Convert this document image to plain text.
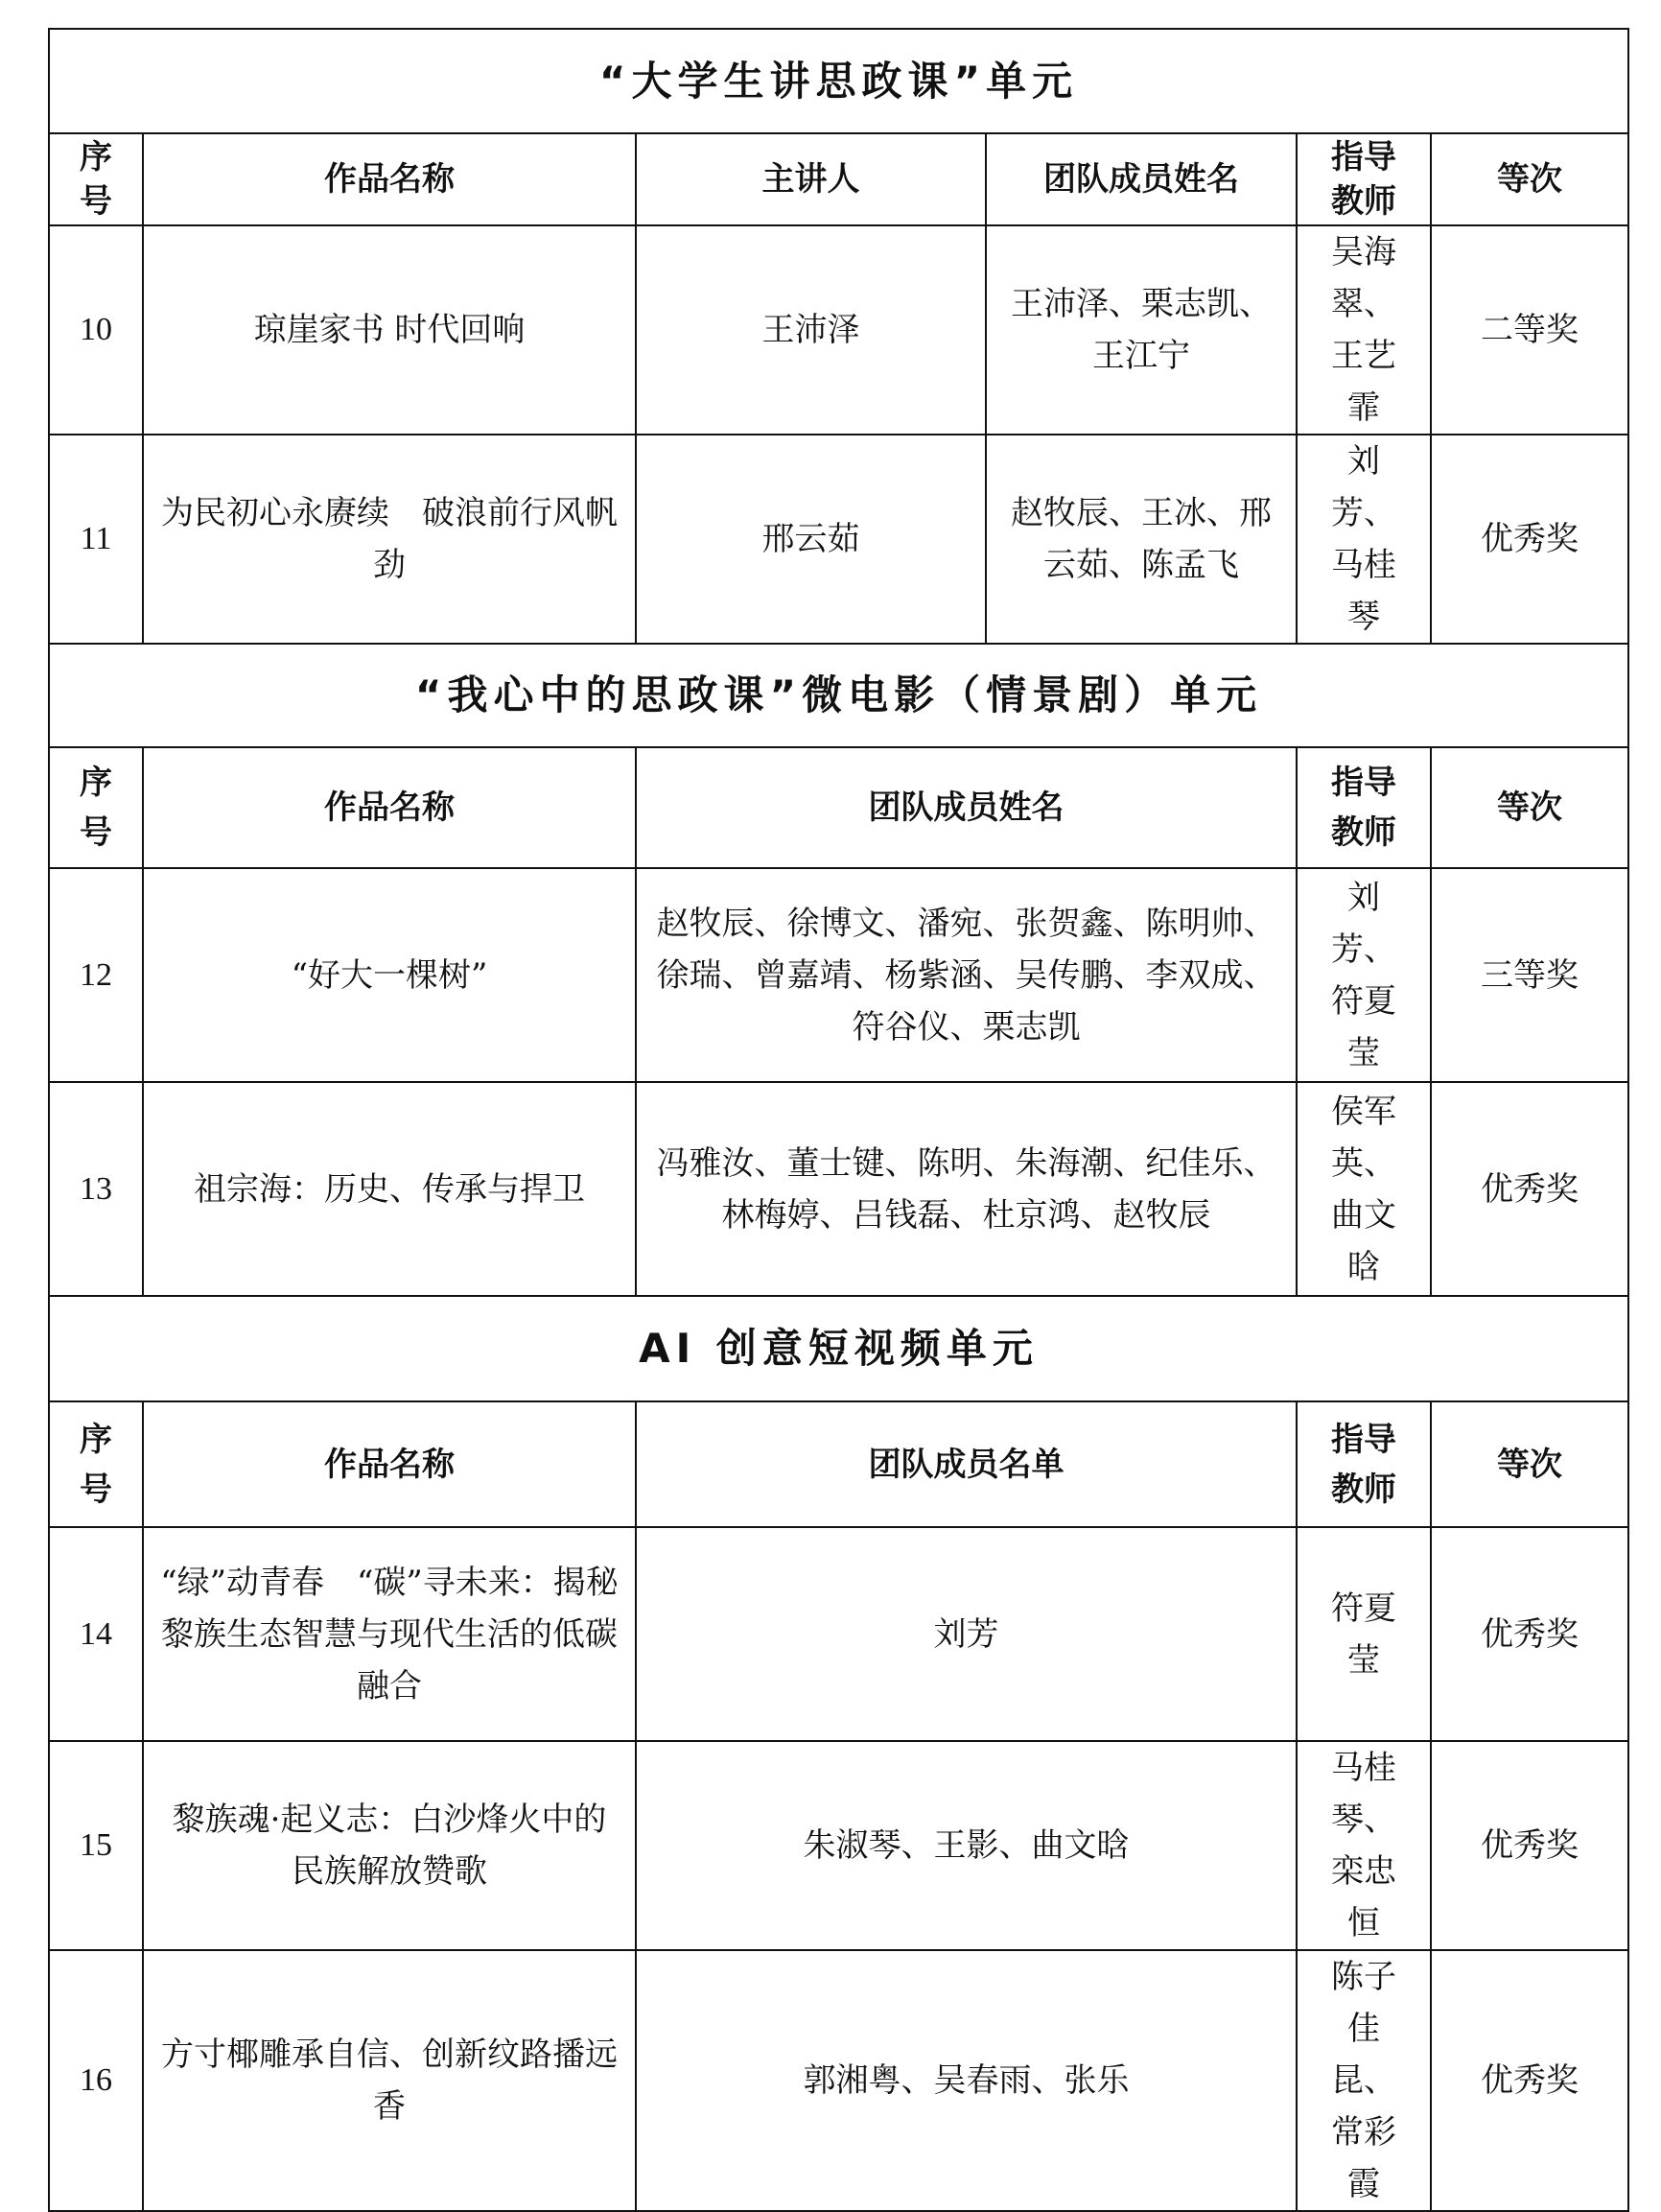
“大学生讲思政课”单元					

序号	作品名称	主讲人	团队成员姓名	指导教师	等次
10	琼崖家书 时代回响	王沛泽	王沛泽、栗志凯、王江宁	吴海翠、王艺霏	二等奖
11	为民初心永赓续　破浪前行风帆劲	邢云茹	赵牧辰、王冰、邢云茹、陈孟飞	刘芳、马桂琴	优秀奖
“我心中的思政课”微电影（情景剧）单元					

序号	作品名称	团队成员姓名		指导教师	等次
12	“好大一棵树”	赵牧辰、徐博文、潘宛、张贺鑫、陈明帅、徐瑞、曾嘉靖、杨紫涵、吴传鹏、李双成、符谷仪、栗志凯		刘芳、符夏莹	三等奖
13	祖宗海：历史、传承与捍卫	冯雅汝、董士键、陈明、朱海潮、纪佳乐、林梅婷、吕钱磊、杜京鸿、赵牧辰		侯军英、曲文晗	优秀奖
AI 创意短视频单元					

序号	作品名称	团队成员名单		指导教师	等次
14	“绿”动青春　“碳”寻未来：揭秘黎族生态智慧与现代生活的低碳融合	刘芳		符夏莹	优秀奖
15	黎族魂·起义志：白沙烽火中的民族解放赞歌	朱淑琴、王影、曲文晗		马桂琴、栾忠恒	优秀奖
16	方寸椰雕承自信、创新纹路播远香	郭湘粤、吴春雨、张乐		陈子佳昆、常彩霞	优秀奖
